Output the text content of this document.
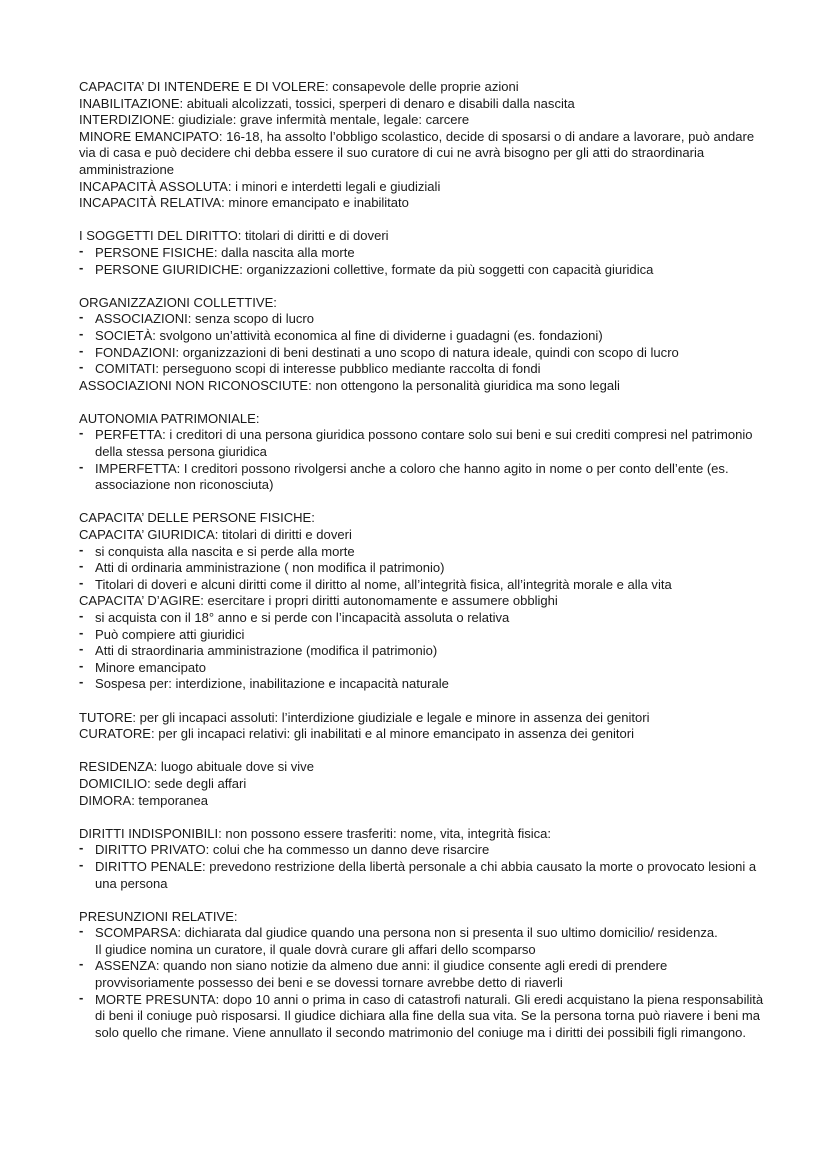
CAPACITA’ DI INTENDERE E DI VOLERE: consapevole delle proprie azioni
INABILITAZIONE: abituali alcolizzati, tossici, sperperi di denaro e disabili dalla nascita
INTERDIZIONE: giudiziale: grave infermità mentale, legale: carcere
MINORE EMANCIPATO: 16-18, ha assolto l’obbligo scolastico, decide di sposarsi o di andare a lavorare, può andare via di casa e può decidere chi debba essere il suo curatore di cui ne avrà bisogno per gli atti do straordinaria amministrazione
INCAPACITÀ ASSOLUTA: i minori e interdetti legali e giudiziali
INCAPACITÀ RELATIVA: minore emancipato e inabilitato
I SOGGETTI DEL DIRITTO: titolari di diritti e di doveri
- PERSONE FISICHE: dalla nascita alla morte
- PERSONE GIURIDICHE: organizzazioni collettive, formate da più soggetti con capacità giuridica
ORGANIZZAZIONI COLLETTIVE:
- ASSOCIAZIONI: senza scopo di lucro
- SOCIETÀ: svolgono un’attività economica al fine di dividerne i guadagni (es. fondazioni)
- FONDAZIONI: organizzazioni di beni destinati a uno scopo di natura ideale, quindi con scopo di lucro
- COMITATI: perseguono scopi di interesse pubblico mediante raccolta di fondi
ASSOCIAZIONI NON RICONOSCIUTE: non ottengono la personalità giuridica ma sono legali
AUTONOMIA PATRIMONIALE:
- PERFETTA: i creditori di una persona giuridica possono contare solo sui beni e sui crediti compresi nel patrimonio della stessa persona giuridica
- IMPERFETTA: I creditori possono rivolgersi anche a coloro che hanno agito in nome o per conto dell’ente (es. associazione non riconosciuta)
CAPACITA’ DELLE PERSONE FISICHE:
CAPACITA’ GIURIDICA: titolari di diritti e doveri
- si conquista alla nascita e si perde alla morte
- Atti di ordinaria amministrazione ( non modifica il patrimonio)
- Titolari di doveri e alcuni diritti come il diritto al nome, all’integrità fisica, all’integrità morale e alla vita
CAPACITA’ D’AGIRE: esercitare i propri diritti autonomamente e assumere obblighi
- si acquista con il 18° anno e si perde con l’incapacità assoluta o relativa
- Può compiere atti giuridici
- Atti di straordinaria amministrazione (modifica il patrimonio)
- Minore emancipato
- Sospesa per: interdizione, inabilitazione e incapacità naturale
TUTORE: per gli incapaci assoluti: l’interdizione giudiziale e legale e minore in assenza dei genitori
CURATORE: per gli incapaci relativi: gli inabilitati e al minore emancipato in assenza dei genitori
RESIDENZA: luogo abituale dove si vive
DOMICILIO: sede degli affari
DIMORA: temporanea
DIRITTI INDISPONIBILI: non possono essere trasferiti: nome, vita, integrità fisica:
- DIRITTO PRIVATO: colui che ha commesso un danno deve risarcire
- DIRITTO PENALE: prevedono restrizione della libertà personale a chi abbia causato la morte o provocato lesioni a una persona
PRESUNZIONI RELATIVE:
- SCOMPARSA: dichiarata dal giudice quando una persona non si presenta il suo ultimo domicilio/ residenza. Il giudice nomina un curatore, il quale dovrà curare gli affari dello scomparso
- ASSENZA: quando non siano notizie da almeno due anni: il giudice consente agli eredi di prendere provvisoriamente possesso dei beni e se dovessi tornare avrebbe detto di riaverli
- MORTE PRESUNTA: dopo 10 anni o prima in caso di catastrofi naturali. Gli eredi acquistano la piena responsabilità di beni il coniuge può risposarsi. Il giudice dichiara alla fine della sua vita. Se la persona torna può riavere i beni ma solo quello che rimane. Viene annullato il secondo matrimonio del coniuge ma i diritti dei possibili figli rimangono.
